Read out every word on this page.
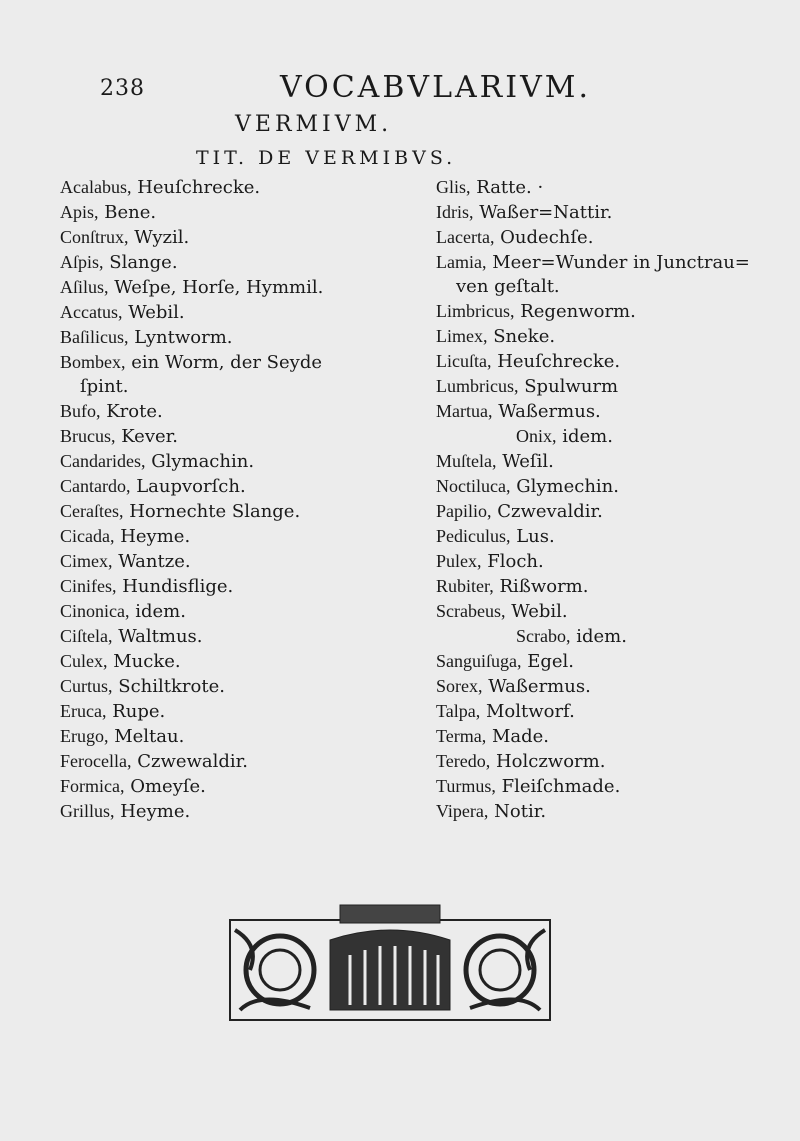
238	VOCABVLARIVM.
VERMIVM.
TIT. DE VERMIBVS.
Acalabus, Heuſchrecke.
Apis, Bene.
Conſtrux, Wyzil.
Aſpis, Slange.
Aſilus, Weſpe, Horſe, Hymmil.
Accatus, Webil.
Baſilicus, Lyntworm.
Bombex, ein Worm, der Seyde
ſpint.
Bufo, Krote.
Brucus, Kever.
Candarides, Glymachin.
Cantardo, Laupvorſch.
Ceraſtes, Hornechte Slange.
Cicada, Heyme.
Cimex, Wantze.
Cinifes, Hundisflige.
Cinonica, idem.
Ciſtela, Waltmus.
Culex, Mucke.
Curtus, Schiltkrote.
Eruca, Rupe.
Erugo, Meltau.
Ferocella, Czwewaldir.
Formica, Omeyſe.
Grillus, Heyme.
Glis, Ratte. ·
Idris, Waßer=Nattir.
Lacerta, Oudechſe.
Lamia, Meer=Wunder in Junctrau=
ven geſtalt.
Limbricus, Regenworm.
Limex, Sneke.
Licuſta, Heuſchrecke.
Lumbricus, Spulwurm
Martua, Waßermus.
Onix, idem.
Muſtela, Weſil.
Noctiluca, Glymechin.
Papilio, Czwevaldir.
Pediculus, Lus.
Pulex, Floch.
Rubiter, Rißworm.
Scrabeus, Webil.
Scrabo, idem.
Sanguiſuga, Egel.
Sorex, Waßermus.
Talpa, Moltworf.
Terma, Made.
Teredo, Holczworm.
Turmus, Fleiſchmade.
Vipera, Notir.
